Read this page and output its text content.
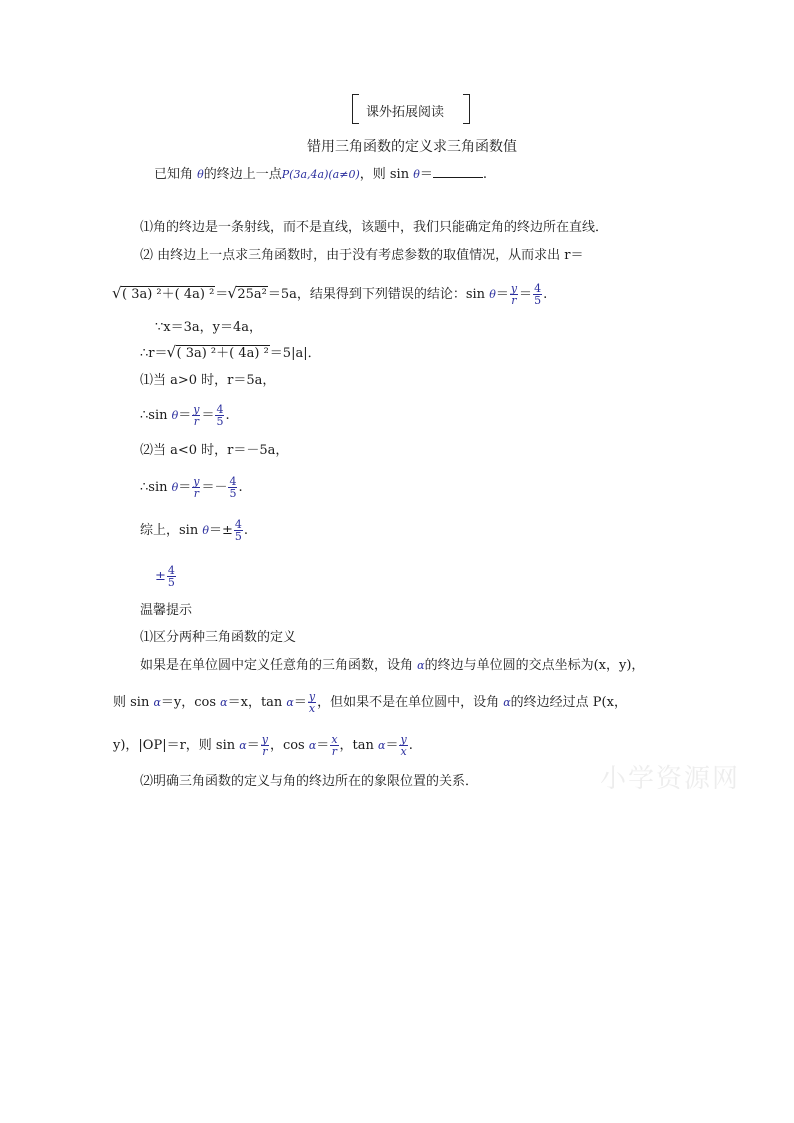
课外拓展阅读
错用三角函数的定义求三角函数值
已知角 θ的终边上一点P(3a,4a)(a≠0)，则 sin θ＝	.
⑴角的终边是一条射线，而不是直线，该题中，我们只能确定角的终边所在直线．
⑵ 由终边上一点求三角函数时，由于没有考虑参数的取值情况，从而求出 r＝
√ ( 3a) ²＋( 4a) ²＝ √ 25a²＝5a，结果得到下列错误的结论：$\sin \theta= \frac{y}{r} = \frac{4}{5}$ .
∵x＝3a，y＝4a，
∴r＝ √ ( 3a) ²＋( 4a) ²＝5|a|．
⑴当 a>0 时，r＝5a，
∴sin $\theta= \frac{y}{r} = \frac{4}{5}$ .
⑵当 a<0 时，r＝－5a，
∴sin $\theta= \frac{y}{r} =- \frac{4}{5}$ .
综上，$\sin \theta=\pm \frac{4}{5}$ .
± $\frac{4}{5}$
温馨提示
⑴区分两种三角函数的定义
如果是在单位圆中定义任意角的三角函数，设角 α的终边与单位圆的交点坐标为(x，y)，
则 sin α＝y，cos α＝x，$\tan \alpha= \frac{y}{x}$ ，但如果不是在单位圆中，设角 α的终边经过点 P(x，
y)，|OP|＝r，则 $\sin \alpha= \frac{y}{r}$ ，$\cos \alpha= \frac{x}{r}$ ，$\tan \alpha= \frac{y}{x}$ .
⑵明确三角函数的定义与角的终边所在的象限位置的关系．	小学资源网
